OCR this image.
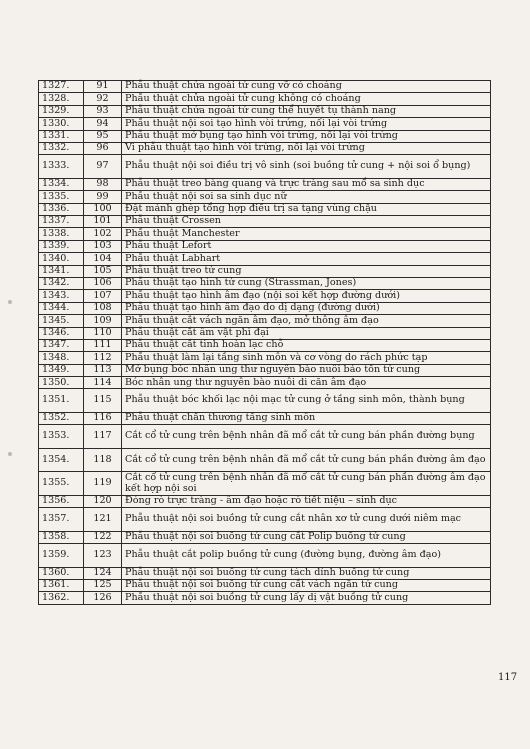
1327.	91	Phẫu thuật chửa ngoài tử cung vỡ có choáng
1328.	92	Phẫu thuật chửa ngoài tử cung không có choáng
1329.	93	Phẫu thuật chửa ngoài tử cung thể huyết tụ thành nang
1330.	94	Phẫu thuật nội soi tạo hình vòi trứng, nối lại vòi trứng
1331.	95	Phẫu thuật mở bụng tạo hình vòi trứng, nối lại vòi trứng
1332.	96	Vi phẫu thuật tạo hình vòi trứng, nối lại vòi trứng
1333.	97	Phẫu thuật nội soi điều trị vô sinh (soi buồng tử cung + nội soi ổ bụng)
1334.	98	Phẫu thuật treo bàng quang và trực tràng sau mổ sa sinh dục
1335.	99	Phẫu thuật nội soi sa sinh dục nữ
1336.	100	Đặt mảnh ghép tổng hợp điều trị sa tạng vùng chậu
1337.	101	Phẫu thuật Crossen
1338.	102	Phẫu thuật Manchester
1339.	103	Phẫu thuật Lefort
1340.	104	Phẫu thuật Labhart
1341.	105	Phẫu thuật treo tử cung
1342.	106	Phẫu thuật tạo hình tử cung (Strassman, Jones)
1343.	107	Phẫu thuật tạo hình âm đạo (nội soi kết hợp đường dưới)
1344.	108	Phẫu thuật tạo hình âm đạo do dị dạng (đường dưới)
1345.	109	Phẫu thuật cắt vách ngăn âm đạo, mở thông âm đạo
1346.	110	Phẫu thuật cắt âm vật phì đại
1347.	111	Phẫu thuật cắt tinh hoàn lạc chỗ
1348.	112	Phẫu thuật làm lại tầng sinh môn và cơ vòng do rách phức tạp
1349.	113	Mở bụng bóc nhân ung thư nguyên bào nuôi bảo tồn tử cung
1350.	114	Bóc nhân ung thư nguyên bào nuôi di căn âm đạo
1351.	115	Phẫu thuật bóc khối lạc nội mạc tử cung ở tầng sinh môn, thành bụng
1352.	116	Phẫu thuật chấn thương tầng sinh môn
1353.	117	Cắt cổ tử cung trên bệnh nhân đã mổ cắt tử cung bán phần đường bụng
1354.	118	Cắt cổ tử cung trên bệnh nhân đã mổ cắt tử cung bán phần đường âm đạo
1355.	119	Cắt cổ tử cung trên bệnh nhân đã mổ cắt tử cung bán phần đường âm đạo kết hợp nội soi
1356.	120	Đóng rò trực tràng - âm đạo hoặc rò tiết niệu – sinh dục
1357.	121	Phẫu thuật nội soi buồng tử cung cắt nhân xơ tử cung dưới niêm mạc
1358.	122	Phẫu thuật nội soi buồng tử cung cắt Polip buồng tử cung
1359.	123	Phẫu thuật cắt polip buồng tử cung (đường bụng, đường âm đạo)
1360.	124	Phẫu thuật nội soi buồng tử cung tách dính buồng tử cung
1361.	125	Phẫu thuật nội soi buồng tử cung cắt vách ngăn tử cung
1362.	126	Phẫu thuật nội soi buồng tử cung lấy dị vật buồng tử cung
117
